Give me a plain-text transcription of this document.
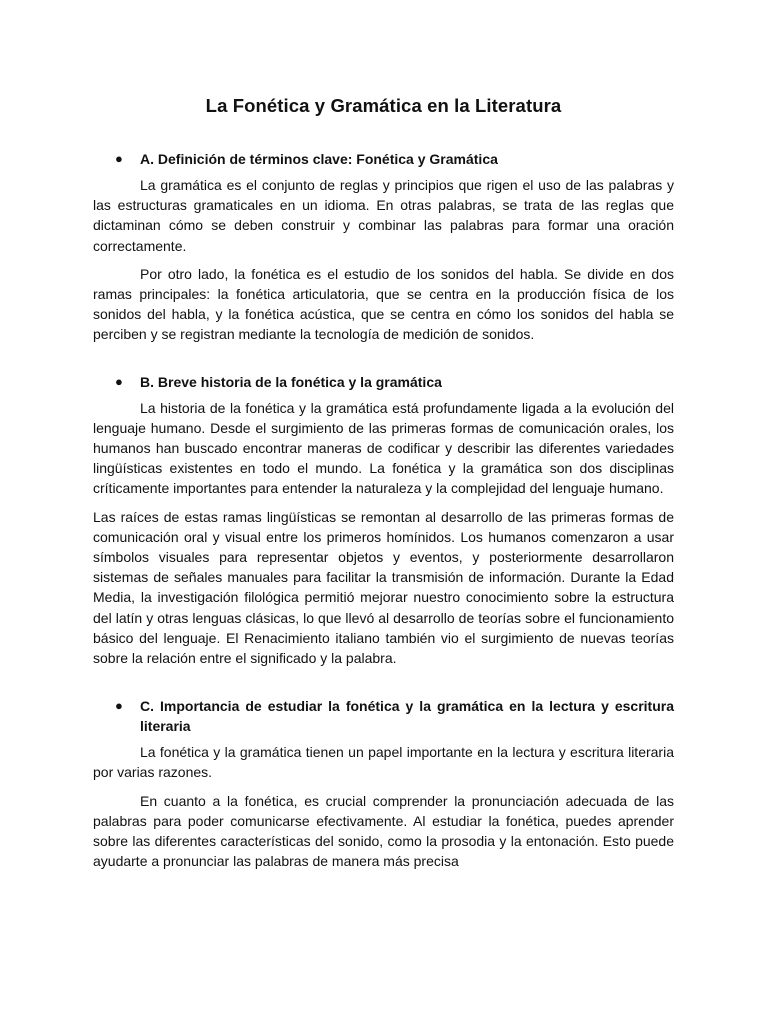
La Fonética y Gramática en la Literatura
● A. Definición de términos clave: Fonética y Gramática

La gramática es el conjunto de reglas y principios que rigen el uso de las palabras y las estructuras gramaticales en un idioma. En otras palabras, se trata de las reglas que dictaminan cómo se deben construir y combinar las palabras para formar una oración correctamente.

Por otro lado, la fonética es el estudio de los sonidos del habla. Se divide en dos ramas principales: la fonética articulatoria, que se centra en la producción física de los sonidos del habla, y la fonética acústica, que se centra en cómo los sonidos del habla se perciben y se registran mediante la tecnología de medición de sonidos.

● B. Breve historia de la fonética y la gramática

La historia de la fonética y la gramática está profundamente ligada a la evolución del lenguaje humano. Desde el surgimiento de las primeras formas de comunicación orales, los humanos han buscado encontrar maneras de codificar y describir las diferentes variedades lingüísticas existentes en todo el mundo. La fonética y la gramática son dos disciplinas críticamente importantes para entender la naturaleza y la complejidad del lenguaje humano.

Las raíces de estas ramas lingüísticas se remontan al desarrollo de las primeras formas de comunicación oral y visual entre los primeros homínidos. Los humanos comenzaron a usar símbolos visuales para representar objetos y eventos, y posteriormente desarrollaron sistemas de señales manuales para facilitar la transmisión de información. Durante la Edad Media, la investigación filológica permitió mejorar nuestro conocimiento sobre la estructura del latín y otras lenguas clásicas, lo que llevó al desarrollo de teorías sobre el funcionamiento básico del lenguaje. El Renacimiento italiano también vio el surgimiento de nuevas teorías sobre la relación entre el significado y la palabra.

● C. Importancia de estudiar la fonética y la gramática en la lectura y escritura literaria

La fonética y la gramática tienen un papel importante en la lectura y escritura literaria por varias razones.

En cuanto a la fonética, es crucial comprender la pronunciación adecuada de las palabras para poder comunicarse efectivamente. Al estudiar la fonética, puedes aprender sobre las diferentes características del sonido, como la prosodia y la entonación. Esto puede ayudarte a pronunciar las palabras de manera más precisa
